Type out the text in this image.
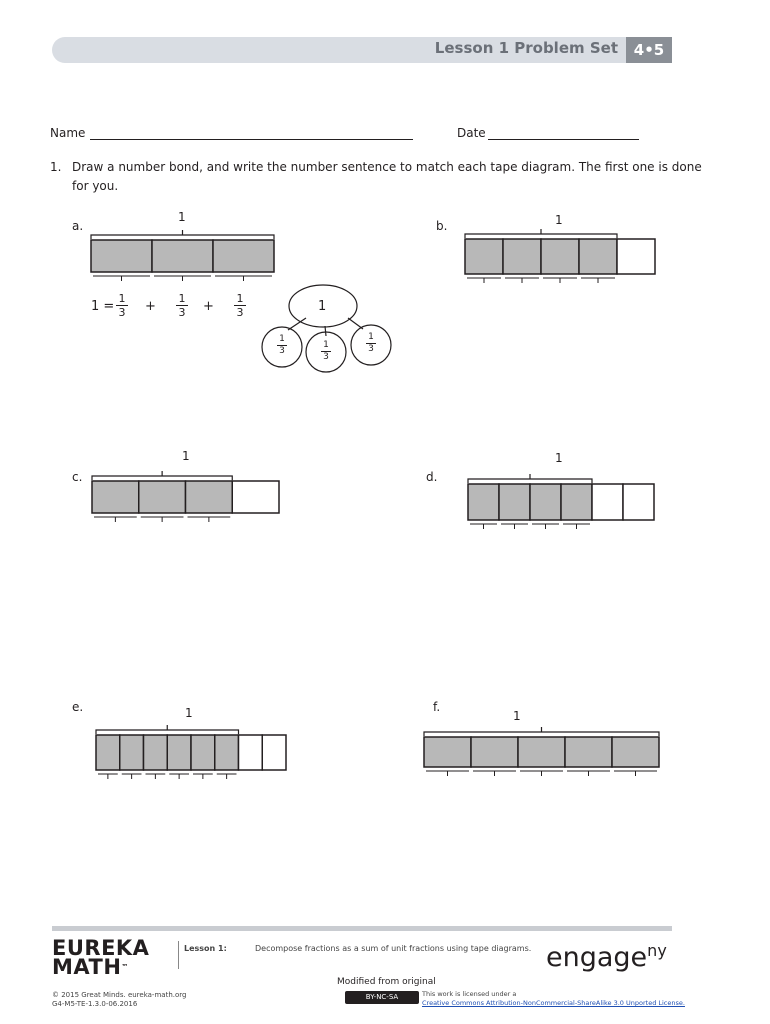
Lesson 1 Problem Set	4•5
Name	Date
1. Draw a number bond, and write the number sentence to match each tape diagram. The first one is done
for you.
a.	b.
c.	d.
e.	f.
1	1
1	1
1	1
$1 = \frac{1}{3} + \frac{1}{3} + \frac{1}{3}$	1
$\frac{1}{3}$	$\frac{1}{3}$	$\frac{1}{3}$
EUREKA
MATH™
Lesson 1:	Decompose fractions as a sum of unit fractions using tape diagrams. engage$^{ny}$
© 2015 Great Minds. eureka-math.org
G4-M5-TE-1.3.0-06.2016
Modified from original
BY-NC-SA	This work is licensed under a
Creative Commons Attribution-NonCommercial-ShareAlike 3.0 Unported License.
